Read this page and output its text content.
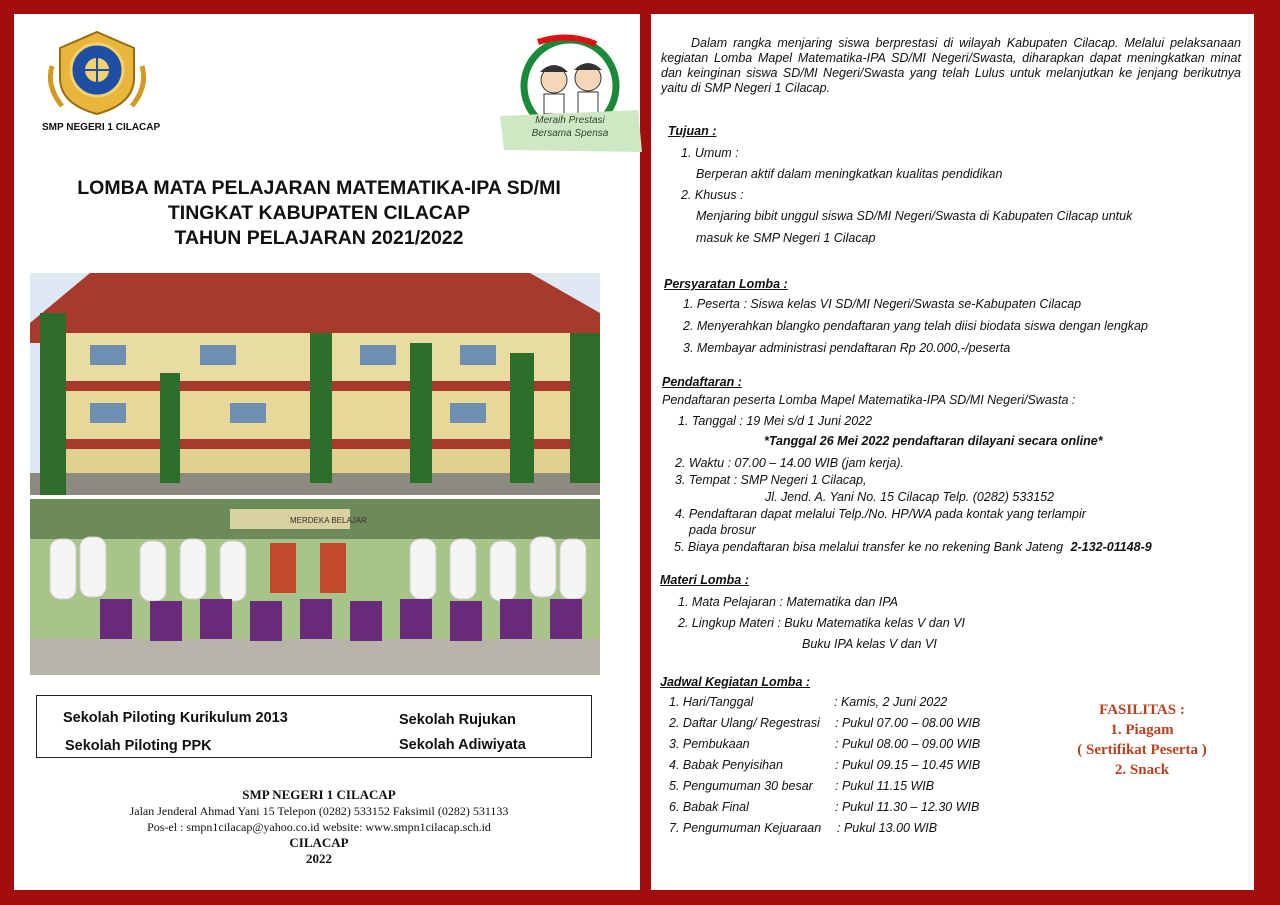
SMP NEGERI 1 CILACAP
Meraih Prestasi
Bersama Spensa
LOMBA MATA PELAJARAN MATEMATIKA-IPA SD/MI
TINGKAT KABUPATEN CILACAP
TAHUN PELAJARAN 2021/2022
MERDEKA BELAJAR
Sekolah Piloting Kurikulum 2013	Sekolah Rujukan
Sekolah Piloting PPK	Sekolah Adiwiyata
SMP NEGERI 1 CILACAP
Jalan Jenderal Ahmad Yani 15 Telepon (0282) 533152 Faksimil (0282) 531133
Pos-el : smpn1cilacap@yahoo.co.id website: www.smpn1cilacap.sch.id
CILACAP
2022
Dalam rangka menjaring siswa berprestasi di wilayah Kabupaten Cilacap. Melalui pelaksanaan kegiatan Lomba Mapel Matematika-IPA SD/MI Negeri/Swasta, diharapkan dapat meningkatkan minat dan keinginan siswa SD/MI Negeri/Swasta yang telah Lulus untuk melanjutkan ke jenjang berikutnya yaitu di SMP Negeri 1 Cilacap.
Tujuan :
1. Umum :
Berperan aktif dalam meningkatkan kualitas pendidikan
2. Khusus :
Menjaring bibit unggul siswa SD/MI Negeri/Swasta di Kabupaten Cilacap untuk
masuk ke SMP Negeri 1 Cilacap
Persyaratan Lomba :
1. Peserta : Siswa kelas VI SD/MI Negeri/Swasta se-Kabupaten Cilacap
2. Menyerahkan blangko pendaftaran yang telah diisi biodata siswa dengan lengkap
3. Membayar administrasi pendaftaran Rp 20.000,-/peserta
Pendaftaran :
Pendaftaran peserta Lomba Mapel Matematika-IPA SD/MI Negeri/Swasta :
1. Tanggal : 19 Mei s/d 1 Juni 2022
*Tanggal 26 Mei 2022 pendaftaran dilayani secara online*
2. Waktu : 07.00 – 14.00 WIB (jam kerja).
3. Tempat : SMP Negeri 1 Cilacap,
Jl. Jend. A. Yani No. 15 Cilacap Telp. (0282) 533152
4. Pendaftaran dapat melalui Telp./No. HP/WA pada kontak yang terlampir
pada brosur
5. Biaya pendaftaran bisa melalui transfer ke no rekening Bank Jateng 2-132-01148-9
Materi Lomba :
1. Mata Pelajaran : Matematika dan IPA
2. Lingkup Materi : Buku Matematika kelas V dan VI
Buku IPA kelas V dan VI
Jadwal Kegiatan Lomba :
1. Hari/Tanggal	: Kamis, 2 Juni 2022
2. Daftar Ulang/ Regestrasi : Pukul 07.00 – 08.00 WIB
3. Pembukaan	: Pukul 08.00 – 09.00 WIB
4. Babak Penyisihan	: Pukul 09.15 – 10.45 WIB
5. Pengumuman 30 besar : Pukul 11.15 WIB
6. Babak Final	: Pukul 11.30 – 12.30 WIB
7. Pengumuman Kejuaraan : Pukul 13.00 WIB
FASILITAS :
1. Piagam
( Sertifikat Peserta )
2. Snack
